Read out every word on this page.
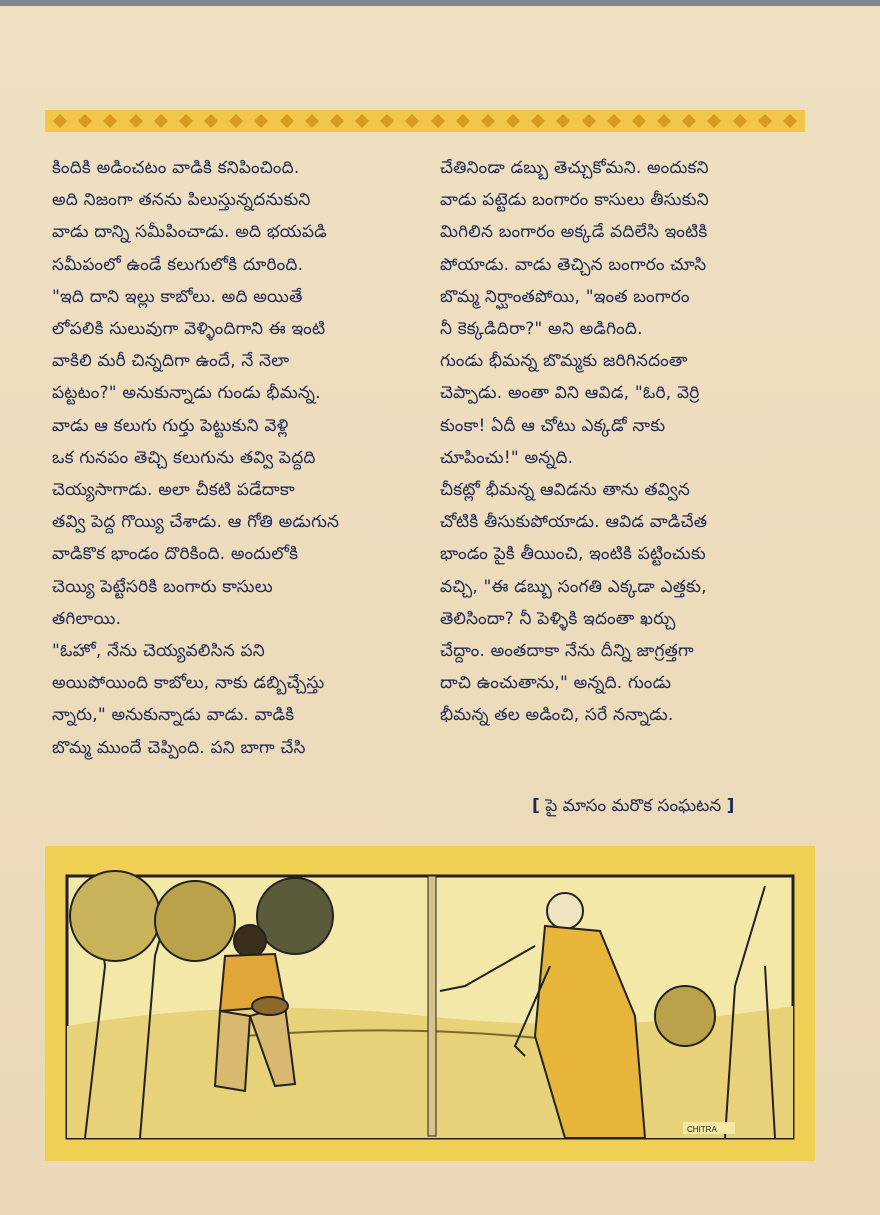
కిందికి అడించటం వాడికి కనిపించింది.
అది నిజంగా తనను పిలుస్తున్నదనుకుని
వాడు దాన్ని సమీపించాడు. అది భయపడి
సమీపంలో ఉండే కలుగులోకి దూరింది.

"ఇది దాని ఇల్లు కాబోలు. అది అయితే
లోపలికి సులువుగా వెళ్ళిందిగాని ఈ ఇంటి
వాకిలి మరీ చిన్నదిగా ఉందే, నే నెలా
పట్టటం?" అనుకున్నాడు గుండు భీమన్న.

వాడు ఆ కలుగు గుర్తు పెట్టుకుని వెళ్లి
ఒక గునపం తెచ్చి కలుగును తవ్వి పెద్దది
చెయ్యసాగాడు. అలా చీకటి పడేదాకా
తవ్వి పెద్ద గొయ్యి చేశాడు. ఆ గోతి అడుగున
వాడికొక భాండం దొరికింది. అందులోకి
చెయ్యి పెట్టేసరికి బంగారు కాసులు
తగిలాయి.

"ఓహో, నేను చెయ్యవలిసిన పని
అయిపోయింది కాబోలు, నాకు డబ్బిచ్చేస్తు
న్నారు," అనుకున్నాడు వాడు. వాడికి
బొమ్మ ముందే చెప్పింది. పని బాగా చేసి

చేతినిండా డబ్బు తెచ్చుకోమని. అందుకని
వాడు పట్టెడు బంగారం కాసులు తీసుకుని
మిగిలిన బంగారం అక్కడే వదిలేసి ఇంటికి
పోయాడు. వాడు తెచ్చిన బంగారం చూసి
బొమ్మ నిర్ఘాంతపోయి, "ఇంత బంగారం
నీ కెక్కడిదిరా?" అని అడిగింది.

గుండు భీమన్న బొమ్మకు జరిగినదంతా
చెప్పాడు. అంతా విని ఆవిడ, "ఓరి, వెర్రి
కుంకా! ఏదీ ఆ చోటు ఎక్కడో నాకు
చూపించు!" అన్నది.

చీకట్లో భీమన్న ఆవిడను తాను తవ్విన
చోటికి తీసుకుపోయాడు. ఆవిడ వాడిచేత
భాండం పైకి తీయించి, ఇంటికి పట్టించుకు
వచ్చి, "ఈ డబ్బు సంగతి ఎక్కడా ఎత్తకు,
తెలిసిందా? నీ పెళ్ళికి ఇదంతా ఖర్చు
చేద్దాం. అంతదాకా నేను దీన్ని జాగ్రత్తగా
దాచి ఉంచుతాను," అన్నది. గుండు
భీమన్న తల అడించి, సరే నన్నాడు.

[ పై మాసం మరొక సంఘటన ]
CHITRA
